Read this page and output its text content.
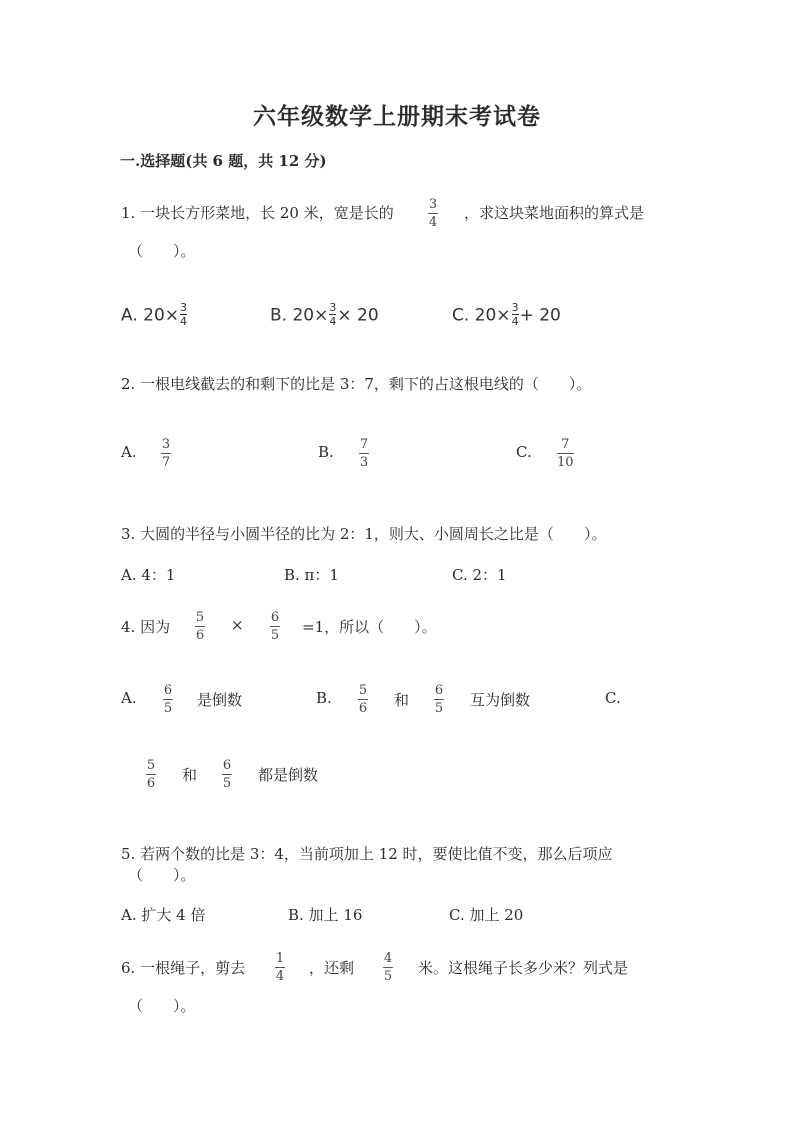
六年级数学上册期末考试卷
一.选择题(共 6 题，共 12 分)
1. 一块长方形菜地，长 20 米，宽是长的	3
4
，求这块菜地面积的算式是
（　　）。
A. $20\times \frac{3}{4}$	B. $20\times \frac{3}{4} \times 20$	C. $20\times \frac{3}{4} + 20$
2. 一根电线截去的和剩下的比是 3：7，剩下的占这根电线的（　　）。
A. 3
7
B. 7
3
C. 7
10
3. 大圆的半径与小圆半径的比为 2：1，则大、小圆周长之比是（　　）。
A. 4：1	B. π：1	C. 2：1
4. 因为
5
6
× 6
5 =1，所以（　　）。
A. 6
5 是倒数	B. 5
6 和
6
5 互为倒数	C.
5
6 和
6
5 都是倒数
5. 若两个数的比是 3：4，当前项加上 12 时，要使比值不变，那么后项应
（　　）。
A. 扩大 4 倍	B. 加上 16	C. 加上 20
6. 一根绳子，剪去
1
4 ，还剩
4
5 米。这根绳子长多少米？列式是
（　　）。
